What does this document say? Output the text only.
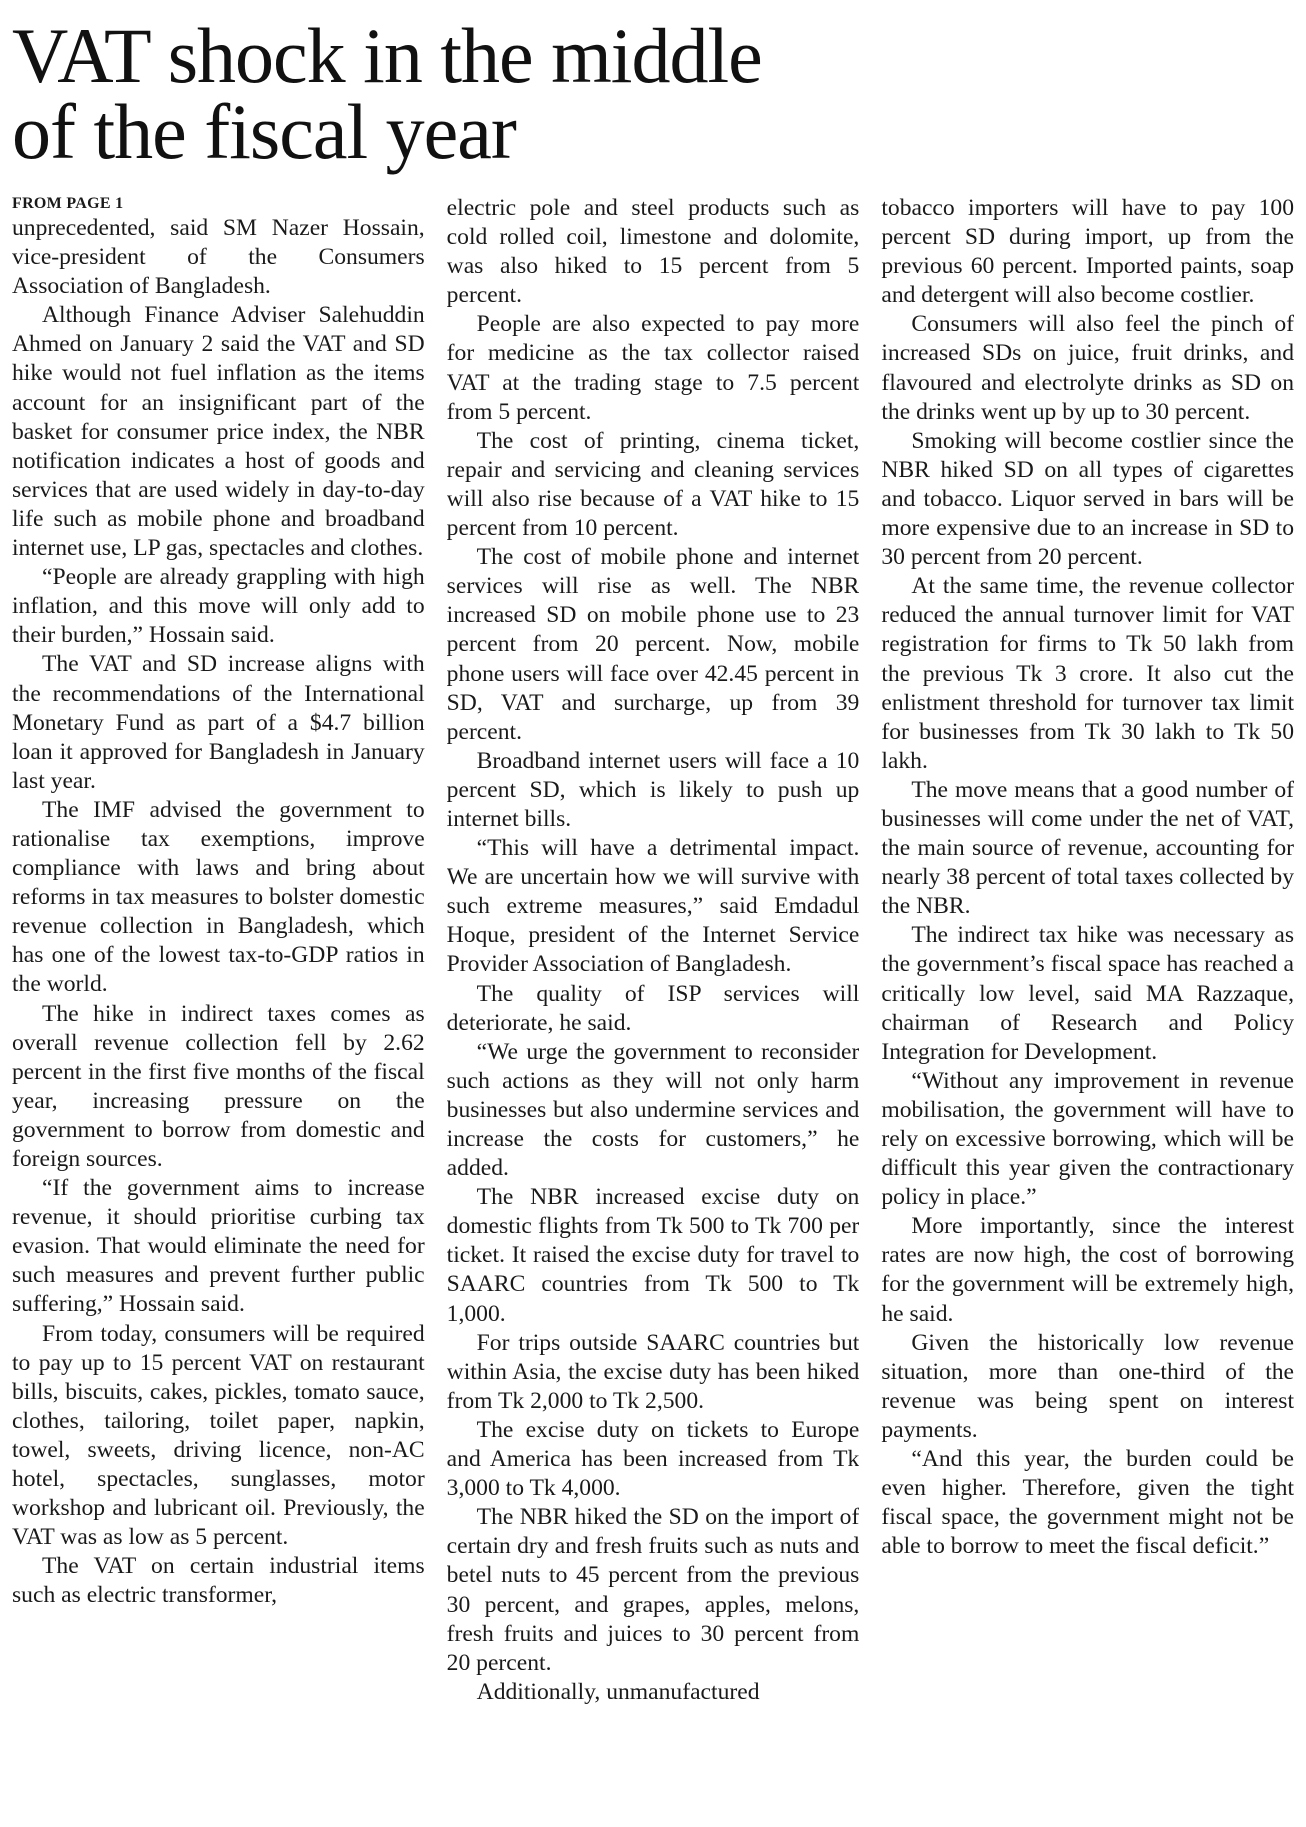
VAT shock in the middle
of the fiscal year
FROM PAGE 1

unprecedented, said SM Nazer Hossain, vice-president of the Consumers Association of Bangladesh.

Although Finance Adviser Salehuddin Ahmed on January 2 said the VAT and SD hike would not fuel inflation as the items account for an insignificant part of the basket for consumer price index, the NBR notification indicates a host of goods and services that are used widely in day-to-day life such as mobile phone and broadband internet use, LP gas, spectacles and clothes.

“People are already grappling with high inflation, and this move will only add to their burden,” Hossain said.

The VAT and SD increase aligns with the recommendations of the International Monetary Fund as part of a $4.7 billion loan it approved for Bangladesh in January last year.

The IMF advised the government to rationalise tax exemptions, improve compliance with laws and bring about reforms in tax measures to bolster domestic revenue collection in Bangladesh, which has one of the lowest tax-to-GDP ratios in the world.

The hike in indirect taxes comes as overall revenue collection fell by 2.62 percent in the first five months of the fiscal year, increasing pressure on the government to borrow from domestic and foreign sources.

“If the government aims to increase revenue, it should prioritise curbing tax evasion. That would eliminate the need for such measures and prevent further public suffering,” Hossain said.

From today, consumers will be required to pay up to 15 percent VAT on restaurant bills, biscuits, cakes, pickles, tomato sauce, clothes, tailoring, toilet paper, napkin, towel, sweets, driving licence, non-AC hotel, spectacles, sunglasses, motor workshop and lubricant oil. Previously, the VAT was as low as 5 percent.

The VAT on certain industrial items such as electric transformer,

electric pole and steel products such as cold rolled coil, limestone and dolomite, was also hiked to 15 percent from 5 percent.

People are also expected to pay more for medicine as the tax collector raised VAT at the trading stage to 7.5 percent from 5 percent.

The cost of printing, cinema ticket, repair and servicing and cleaning services will also rise because of a VAT hike to 15 percent from 10 percent.

The cost of mobile phone and internet services will rise as well. The NBR increased SD on mobile phone use to 23 percent from 20 percent. Now, mobile phone users will face over 42.45 percent in SD, VAT and surcharge, up from 39 percent.

Broadband internet users will face a 10 percent SD, which is likely to push up internet bills.

“This will have a detrimental impact. We are uncertain how we will survive with such extreme measures,” said Emdadul Hoque, president of the Internet Service Provider Association of Bangladesh.

The quality of ISP services will deteriorate, he said.

“We urge the government to reconsider such actions as they will not only harm businesses but also undermine services and increase the costs for customers,” he added.

The NBR increased excise duty on domestic flights from Tk 500 to Tk 700 per ticket. It raised the excise duty for travel to SAARC countries from Tk 500 to Tk 1,000.

For trips outside SAARC countries but within Asia, the excise duty has been hiked from Tk 2,000 to Tk 2,500.

The excise duty on tickets to Europe and America has been increased from Tk 3,000 to Tk 4,000.

The NBR hiked the SD on the import of certain dry and fresh fruits such as nuts and betel nuts to 45 percent from the previous 30 percent, and grapes, apples, melons, fresh fruits and juices to 30 percent from 20 percent.

Additionally, unmanufactured

tobacco importers will have to pay 100 percent SD during import, up from the previous 60 percent. Imported paints, soap and detergent will also become costlier.

Consumers will also feel the pinch of increased SDs on juice, fruit drinks, and flavoured and electrolyte drinks as SD on the drinks went up by up to 30 percent.

Smoking will become costlier since the NBR hiked SD on all types of cigarettes and tobacco. Liquor served in bars will be more expensive due to an increase in SD to 30 percent from 20 percent.

At the same time, the revenue collector reduced the annual turnover limit for VAT registration for firms to Tk 50 lakh from the previous Tk 3 crore. It also cut the enlistment threshold for turnover tax limit for businesses from Tk 30 lakh to Tk 50 lakh.

The move means that a good number of businesses will come under the net of VAT, the main source of revenue, accounting for nearly 38 percent of total taxes collected by the NBR.

The indirect tax hike was necessary as the government’s fiscal space has reached a critically low level, said MA Razzaque, chairman of Research and Policy Integration for Development.

“Without any improvement in revenue mobilisation, the government will have to rely on excessive borrowing, which will be difficult this year given the contractionary policy in place.”

More importantly, since the interest rates are now high, the cost of borrowing for the government will be extremely high, he said.

Given the historically low revenue situation, more than one-third of the revenue was being spent on interest payments.

“And this year, the burden could be even higher. Therefore, given the tight fiscal space, the government might not be able to borrow to meet the fiscal deficit.”
